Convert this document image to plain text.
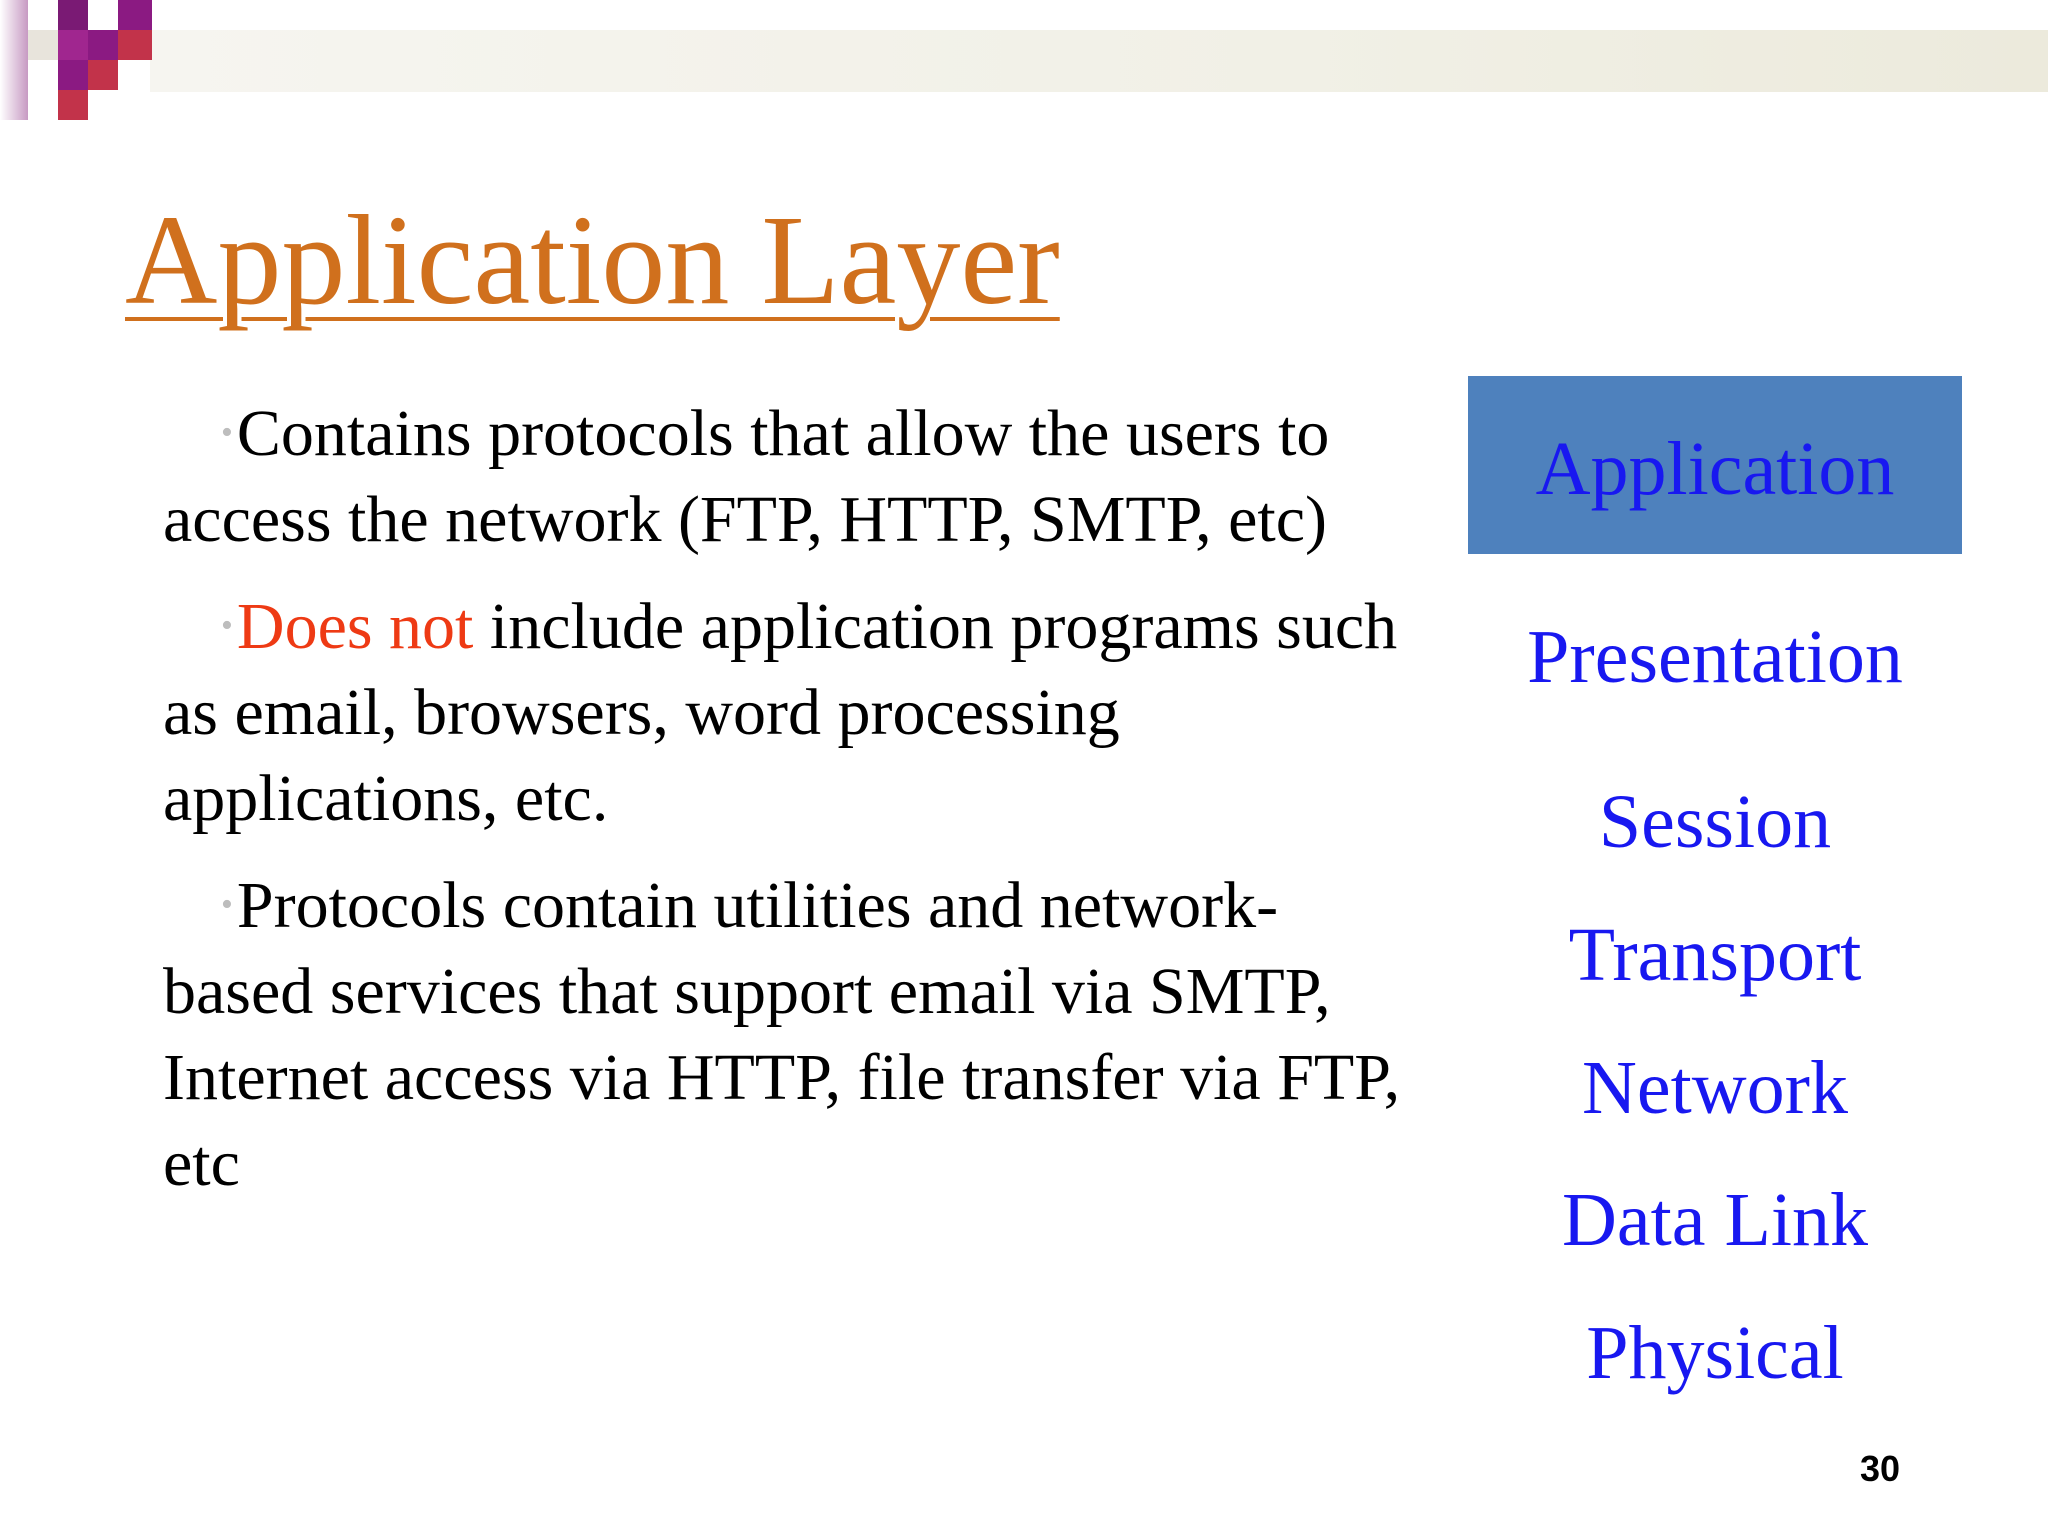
Application Layer

•Contains protocols that allow the users to access the network (FTP, HTTP, SMTP, etc)

•Does not include application programs such as email, browsers, word processing applications, etc.

•Protocols contain utilities and network-based services that support email via SMTP, Internet access via HTTP, file transfer via FTP, etc

Application
Presentation
Session
Transport
Network
Data Link
Physical
30
